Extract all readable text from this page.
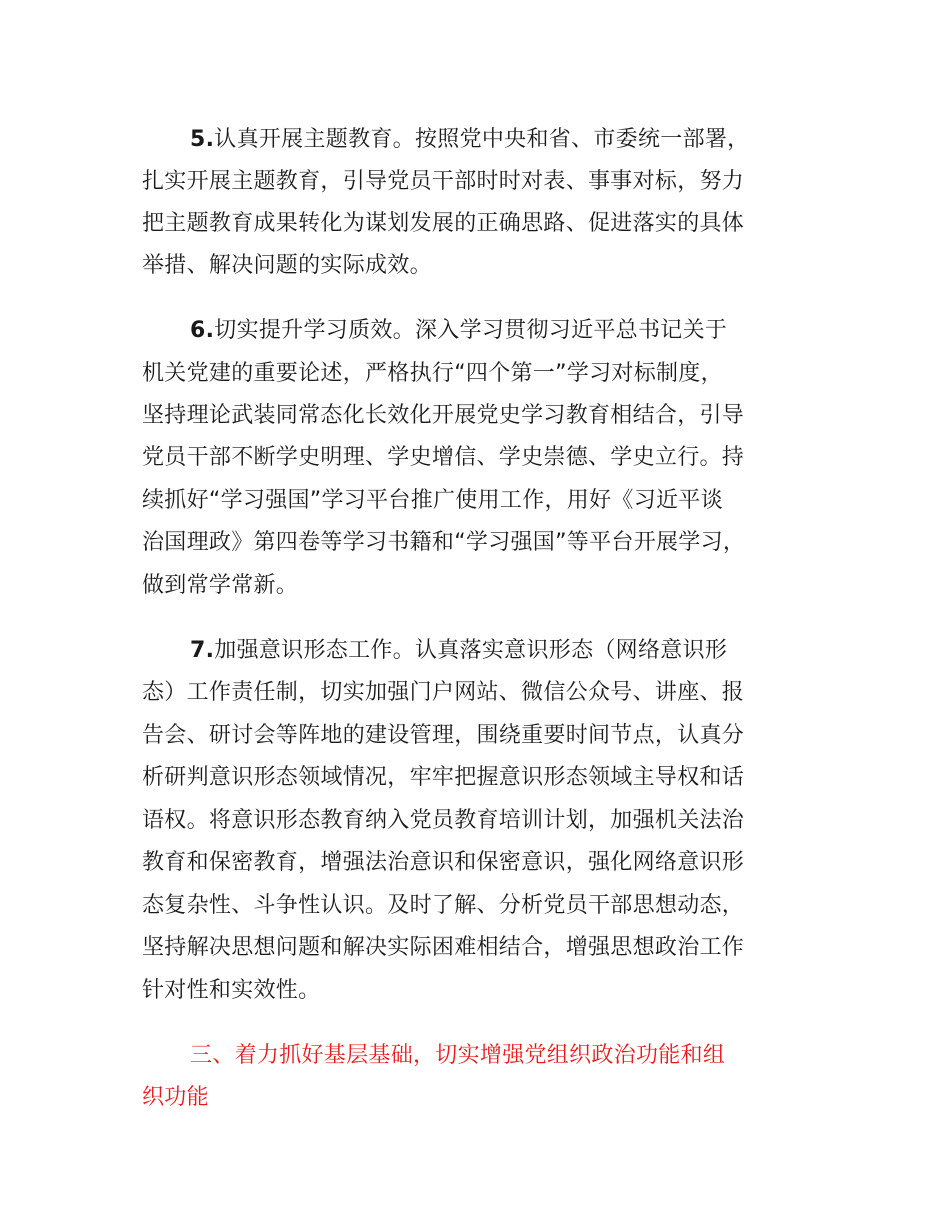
5.认真开展主题教育。按照党中央和省、市委统一部署，
扎实开展主题教育，引导党员干部时时对表、事事对标，努力
把主题教育成果转化为谋划发展的正确思路、促进落实的具体
举措、解决问题的实际成效。
6.切实提升学习质效。深入学习贯彻习近平总书记关于
机关党建的重要论述，严格执行“四个第一”学习对标制度，
坚持理论武装同常态化长效化开展党史学习教育相结合，引导
党员干部不断学史明理、学史增信、学史崇德、学史立行。持
续抓好“学习强国”学习平台推广使用工作，用好《习近平谈
治国理政》第四卷等学习书籍和“学习强国”等平台开展学习，
做到常学常新。
7.加强意识形态工作。认真落实意识形态（网络意识形
态）工作责任制，切实加强门户网站、微信公众号、讲座、报
告会、研讨会等阵地的建设管理，围绕重要时间节点，认真分
析研判意识形态领域情况，牢牢把握意识形态领域主导权和话
语权。将意识形态教育纳入党员教育培训计划，加强机关法治
教育和保密教育，增强法治意识和保密意识，强化网络意识形
态复杂性、斗争性认识。及时了解、分析党员干部思想动态，
坚持解决思想问题和解决实际困难相结合，增强思想政治工作
针对性和实效性。
三、着力抓好基层基础，切实增强党组织政治功能和组
织功能
